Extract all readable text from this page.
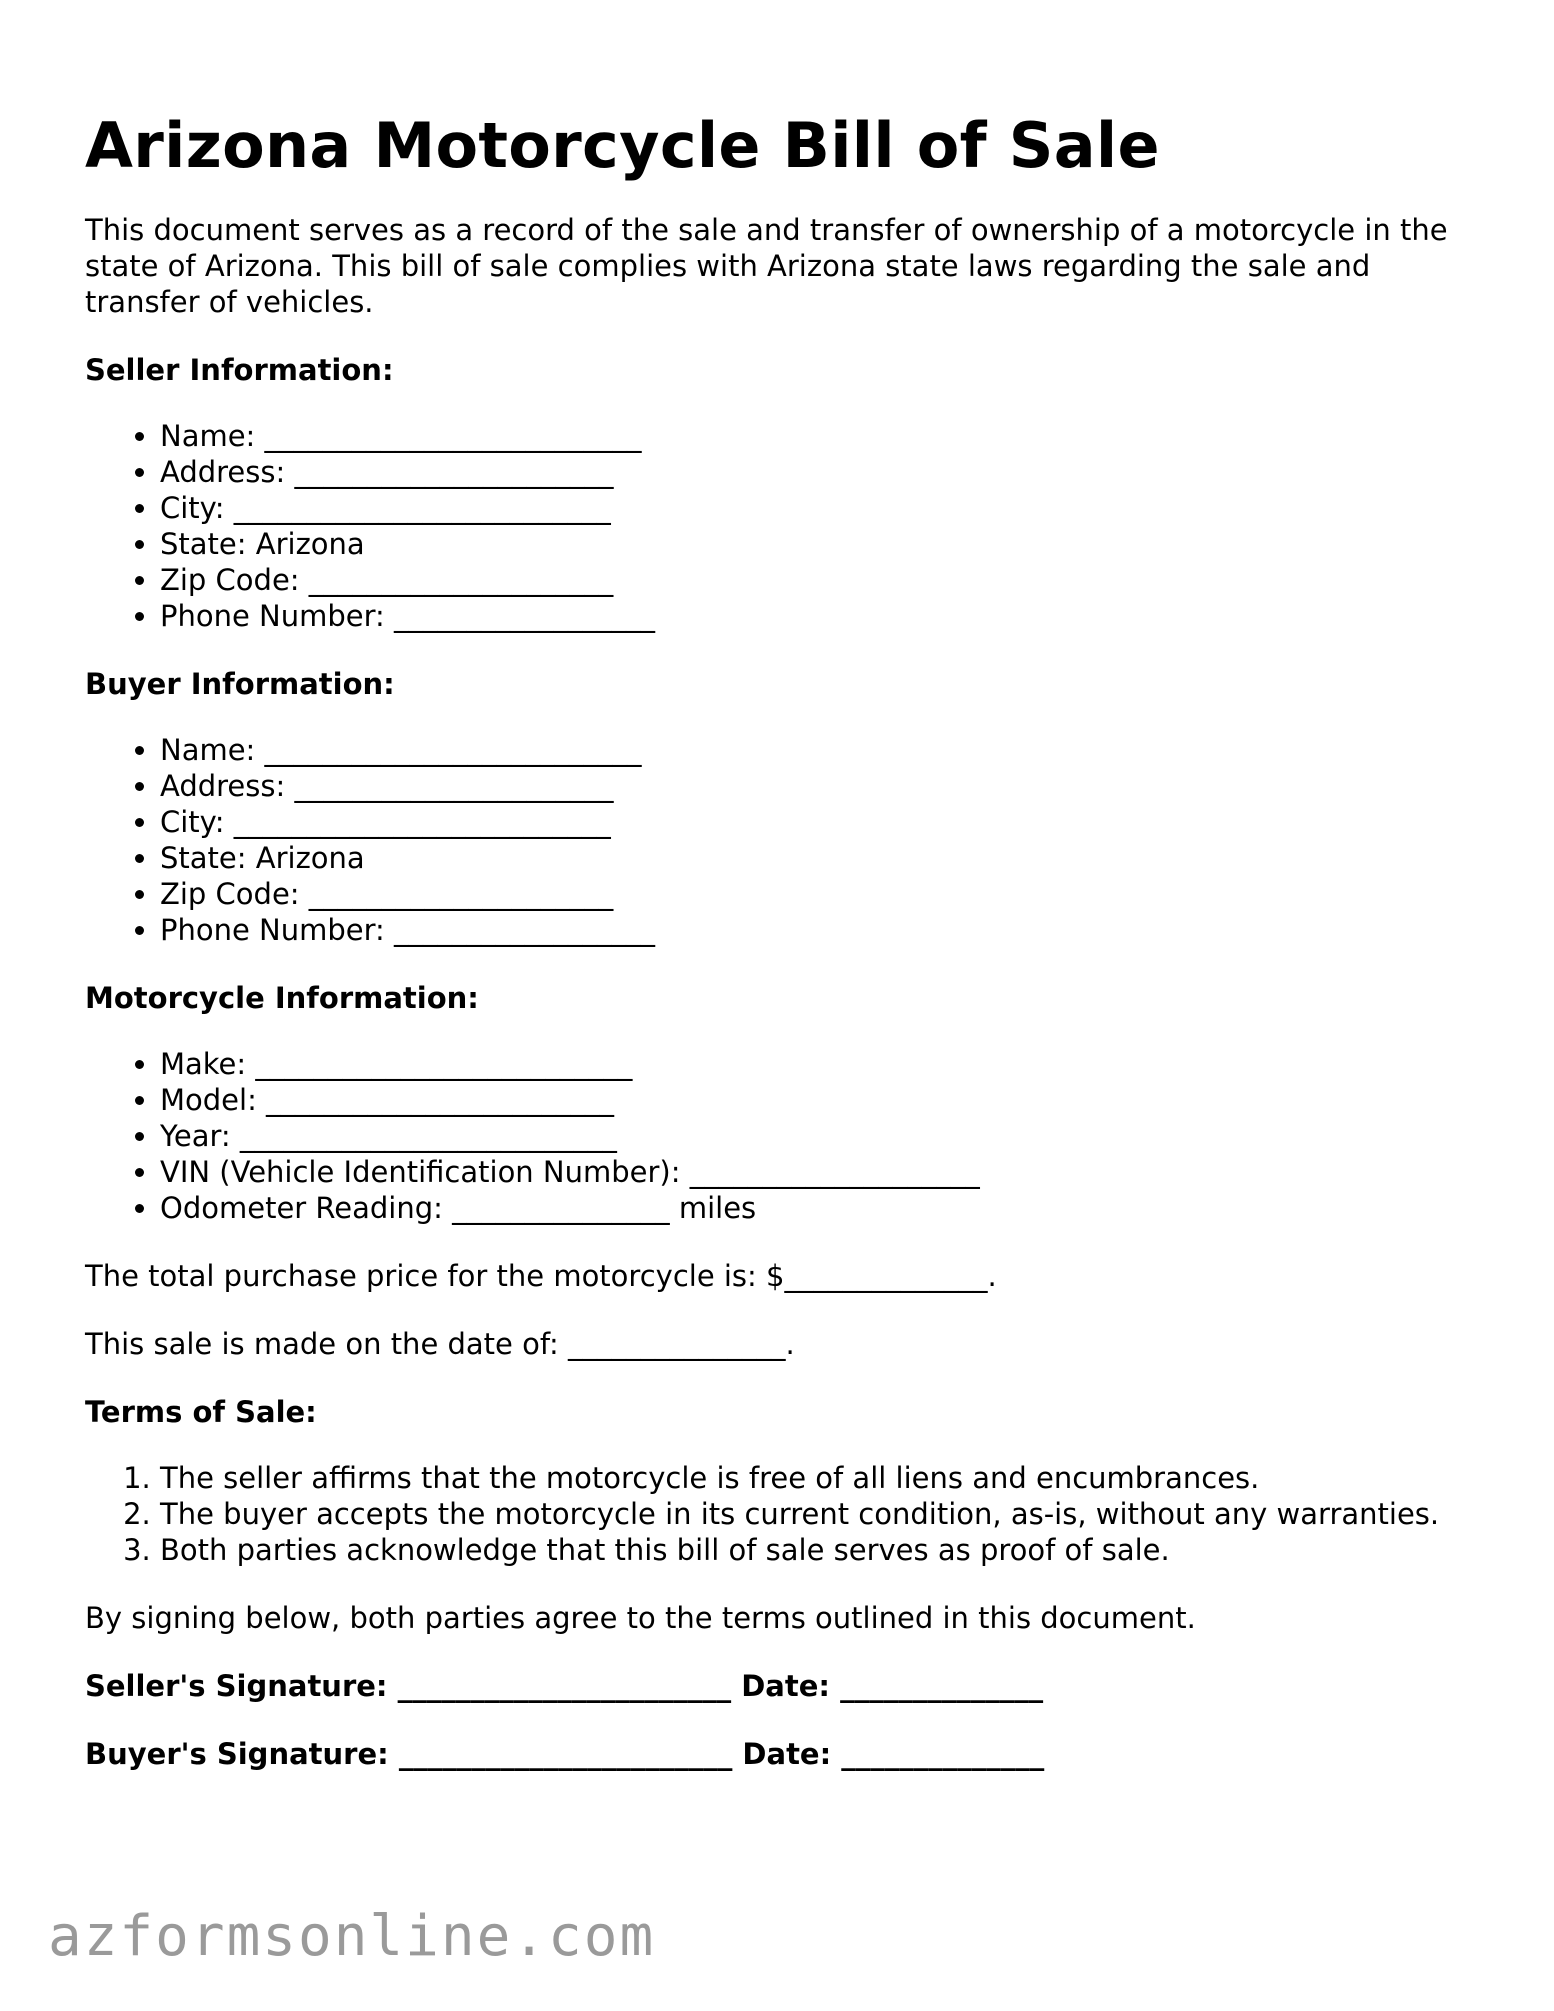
Arizona Motorcycle Bill of Sale

This document serves as a record of the sale and transfer of ownership of a motorcycle in the state of Arizona. This bill of sale complies with Arizona state laws regarding the sale and transfer of vehicles.

Seller Information:
• Name: __________________________
• Address: ______________________
• City: __________________________
• State: Arizona
• Zip Code: _____________________
• Phone Number: __________________
Buyer Information:
• Name: __________________________
• Address: ______________________
• City: __________________________
• State: Arizona
• Zip Code: _____________________
• Phone Number: __________________
Motorcycle Information:
• Make: __________________________
• Model: ________________________
• Year: __________________________
• VIN (Vehicle Identification Number): ____________________
• Odometer Reading: _______________ miles

The total purchase price for the motorcycle is: $______________.

This sale is made on the date of: _______________.

Terms of Sale:
1. The seller affirms that the motorcycle is free of all liens and encumbrances.
2. The buyer accepts the motorcycle in its current condition, as-is, without any warranties.
3. Both parties acknowledge that this bill of sale serves as proof of sale.

By signing below, both parties agree to the terms outlined in this document.

Seller's Signature: _______________________ Date: ______________
Buyer's Signature: _______________________ Date: ______________
azformsonline.com
